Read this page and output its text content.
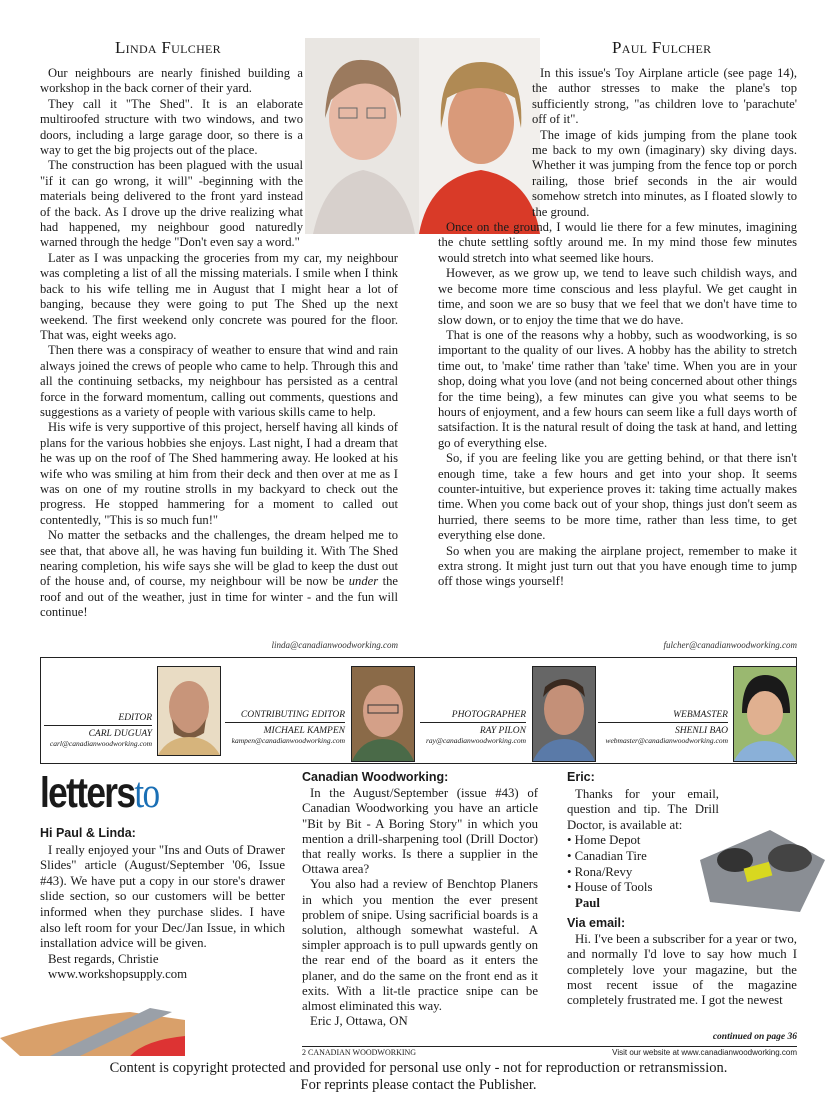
Linda Fulcher	Paul Fulcher

Our neighbours are nearly finished building a workshop in the back corner of their yard.

They call it "The Shed". It is an elaborate multiroofed structure with two windows, and two doors, including a large garage door, so there is a way to get the big projects out of the place.

The construction has been plagued with the usual "if it can go wrong, it will" -beginning with the materials being delivered to the front yard instead of the back. As I drove up the drive realizing what had happened, my neighbour good naturedly warned through the hedge "Don't even say a word."

Later as I was unpacking the groceries from my car, my neighbour was completing a list of all the missing materials. I smile when I think back to his wife telling me in August that I might hear a lot of banging, because they were going to put The Shed up the next weekend. The first weekend only concrete was poured for the floor. That was, eight weeks ago.

Then there was a conspiracy of weather to ensure that wind and rain always joined the crews of people who came to help. Through this and all the continuing setbacks, my neighbour has persisted as a central force in the forward momentum, calling out comments, questions and suggestions as a variety of people with various skills came to help.

His wife is very supportive of this project, herself having all kinds of plans for the various hobbies she enjoys. Last night, I had a dream that he was up on the roof of The Shed hammering away. He looked at his wife who was smiling at him from their deck and then over at me as I was on one of my routine strolls in my backyard to check out the progress. He stopped hammering for a moment to called out contentedly, "This is so much fun!"

No matter the setbacks and the challenges, the dream helped me to see that, that above all, he was having fun building it. With The Shed nearing completion, his wife says she will be glad to keep the dust out of the house and, of course, my neighbour will be now be under the roof and out of the weather, just in time for winter - and the fun will continue!

In this issue's Toy Airplane article (see page 14), the author stresses to make the plane's top sufficiently strong, "as children love to 'parachute' off of it".

The image of kids jumping from the plane took me back to my own (imaginary) sky diving days. Whether it was jumping from the fence top or porch railing, those brief seconds in the air would somehow stretch into minutes, as I floated slowly to the ground.

Once on the ground, I would lie there for a few minutes, imagining the chute settling softly around me. In my mind those few minutes would stretch into what seemed like hours.

However, as we grow up, we tend to leave such childish ways, and we become more time conscious and less playful. We get caught in time, and soon we are so busy that we feel that we don't have time to slow down, or to enjoy the time that we do have.

That is one of the reasons why a hobby, such as woodworking, is so important to the quality of our lives. A hobby has the ability to stretch time out, to 'make' time rather than 'take' time. When you are in your shop, doing what you love (and not being concerned about other things for the time being), a few minutes can give you what seems to be hours of enjoyment, and a few hours can seem like a full days worth of satsifaction. It is the natural result of doing the task at hand, and letting go of everything else.

So, if you are feeling like you are getting behind, or that there isn't enough time, take a few hours and get into your shop. It seems counter-intuitive, but experience proves it: taking time actually makes time. When you come back out of your shop, things just don't seem as hurried, there seems to be more time, rather than less time, to get everything else done.

So when you are making the airplane project, remember to make it extra strong. It might just turn out that you have enough time to jump off those wings yourself!

linda@canadianwoodworking.com	fulcher@canadianwoodworking.com
EDITOR
CARL DUGUAY
carl@canadianwoodworking.com
CONTRIBUTING EDITOR
MICHAEL KAMPEN
kampen@canadianwoodworking.com
PHOTOGRAPHER
RAY PILON
ray@canadianwoodworking.com
WEBMASTER
SHENLI BAO
webmaster@canadianwoodworking.com
lettersto
Hi Paul & Linda:

I really enjoyed your "Ins and Outs of Drawer Slides" article (August/September '06, Issue #43). We have put a copy in our store's drawer slide section, so our customers will be better informed when they purchase slides. I have also left room for your Dec/Jan Issue, in which installation advice will be given.

Best regards, Christie

www.workshopsupply.com

Canadian Woodworking:

In the August/September (issue #43) of Canadian Woodworking you have an article "Bit by Bit - A Boring Story" in which you mention a drill-sharpening tool (Drill Doctor) that really works. Is there a supplier in the Ottawa area?

You also had a review of Benchtop Planers in which you mention the ever present problem of snipe. Using sacrificial boards is a solution, although somewhat wasteful. A simpler approach is to pull upwards gently on the rear end of the board as it enters the planer, and do the same on the front end as it exits. With a lit-tle practice snipe can be almost eliminated this way.

Eric J, Ottawa, ON

Eric:

Thanks for your email, question and tip. The Drill Doctor, is available at:

• Home Depot
• Canadian Tire
• Rona/Revy
• House of Tools
Paul
Via email:

Hi. I've been a subscriber for a year or two, and normally I'd love to say how much I completely love your magazine, but the most recent issue of the magazine completely frustrated me. I got the newest

continued on page 36
2 CANADIAN WOODWORKING	Visit our website at www.canadianwoodworking.com
Content is copyright protected and provided for personal use only - not for reproduction or retransmission.
For reprints please contact the Publisher.
